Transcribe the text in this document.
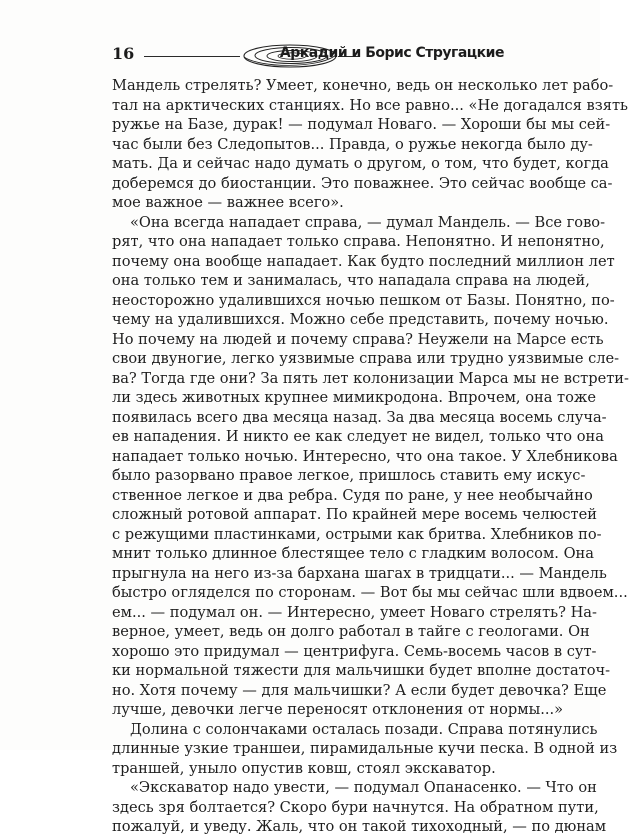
16	Аркадий и Борис Стругацкие
Мандель стрелять? Умеет, конечно, ведь он несколько лет рабо-
тал на арктических станциях. Но все равно... «Не догадался взять
ружье на Базе, дурак! — подумал Новаго. — Хороши бы мы сей-
час были без Следопытов... Правда, о ружье некогда было ду-
мать. Да и сейчас надо думать о другом, о том, что будет, когда
доберемся до биостанции. Это поважнее. Это сейчас вообще са-
мое важное — важнее всего».
«Она всегда нападает справа, — думал Мандель. — Все гово-
рят, что она нападает только справа. Непонятно. И непонятно,
почему она вообще нападает. Как будто последний миллион лет
она только тем и занималась, что нападала справа на людей,
неосторожно удалившихся ночью пешком от Базы. Понятно, по-
чему на удалившихся. Можно себе представить, почему ночью.
Но почему на людей и почему справа? Неужели на Марсе есть
свои двуногие, легко уязвимые справа или трудно уязвимые сле-
ва? Тогда где они? За пять лет колонизации Марса мы не встрети-
ли здесь животных крупнее мимикродона. Впрочем, она тоже
появилась всего два месяца назад. За два месяца восемь случа-
ев нападения. И никто ее как следует не видел, только что она
нападает только ночью. Интересно, что она такое. У Хлебникова
было разорвано правое легкое, пришлось ставить ему искус-
ственное легкое и два ребра. Судя по ране, у нее необычайно
сложный ротовой аппарат. По крайней мере восемь челюстей
с режущими пластинками, острыми как бритва. Хлебников по-
мнит только длинное блестящее тело с гладким волосом. Она
прыгнула на него из-за бархана шагах в тридцати... — Мандель
быстро огляделся по сторонам. — Вот бы мы сейчас шли вдвоем...
ем... — подумал он. — Интересно, умеет Новаго стрелять? На-
верное, умеет, ведь он долго работал в тайге с геологами. Он
хорошо это придумал — центрифуга. Семь-восемь часов в сут-
ки нормальной тяжести для мальчишки будет вполне достаточ-
но. Хотя почему — для мальчишки? А если будет девочка? Еще
лучше, девочки легче переносят отклонения от нормы...»
Долина с солончаками осталась позади. Справа потянулись
длинные узкие траншеи, пирамидальные кучи песка. В одной из
траншей, уныло опустив ковш, стоял экскаватор.
«Экскаватор надо увести, — подумал Опанасенко. — Что он
здесь зря болтается? Скоро бури начнутся. На обратном пути,
пожалуй, и уведу. Жаль, что он такой тихоходный, — по дюнам
